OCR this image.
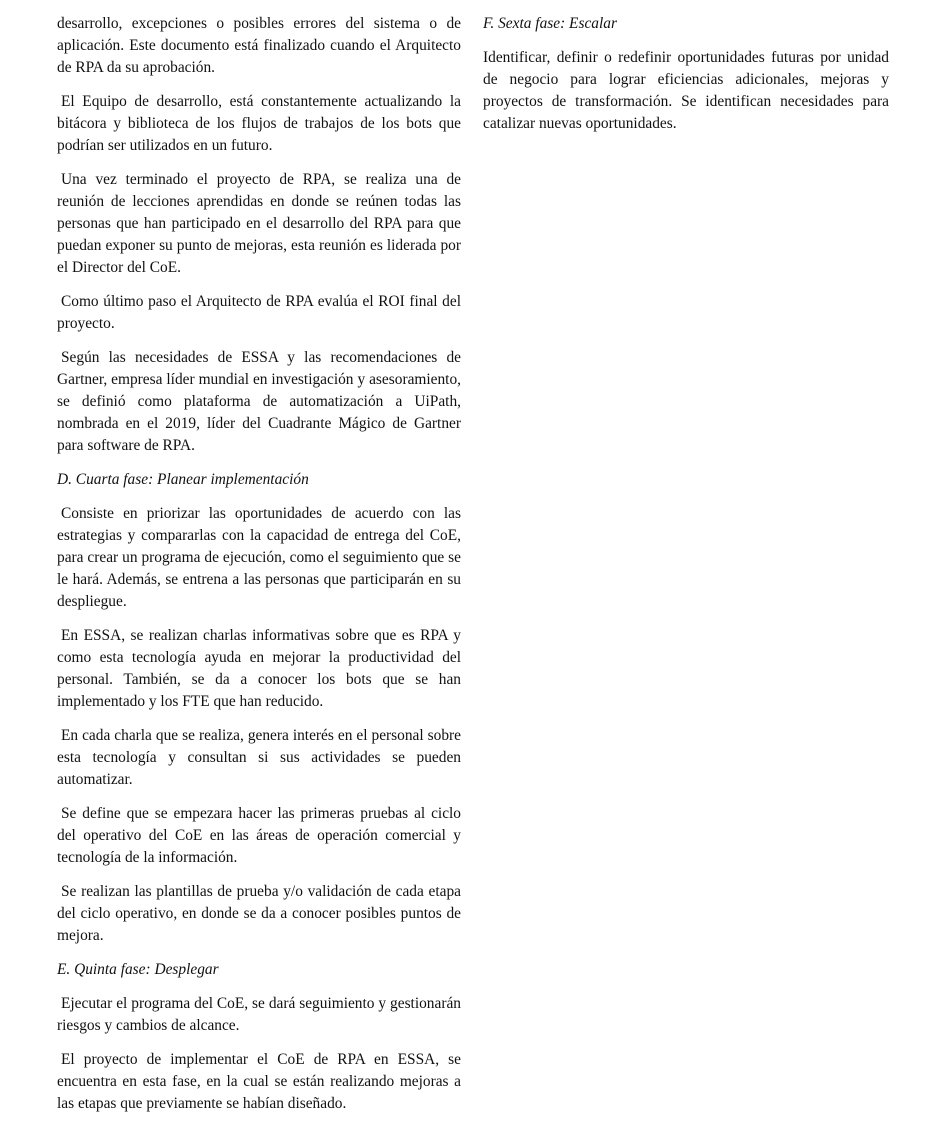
desarrollo, excepciones o posibles errores del sistema o de aplicación. Este documento está finalizado cuando el Arquitecto de RPA da su aprobación.

El Equipo de desarrollo, está constantemente actualizando la bitácora y biblioteca de los flujos de trabajos de los bots que podrían ser utilizados en un futuro.

Una vez terminado el proyecto de RPA, se realiza una de reunión de lecciones aprendidas en donde se reúnen todas las personas que han participado en el desarrollo del RPA para que puedan exponer su punto de mejoras, esta reunión es liderada por el Director del CoE.

Como último paso el Arquitecto de RPA evalúa el ROI final del proyecto.

Según las necesidades de ESSA y las recomendaciones de Gartner, empresa líder mundial en investigación y asesoramiento, se definió como plataforma de automatización a UiPath, nombrada en el 2019, líder del Cuadrante Mágico de Gartner para software de RPA.

D. Cuarta fase: Planear implementación

Consiste en priorizar las oportunidades de acuerdo con las estrategias y compararlas con la capacidad de entrega del CoE, para crear un programa de ejecución, como el seguimiento que se le hará. Además, se entrena a las personas que participarán en su despliegue.

En ESSA, se realizan charlas informativas sobre que es RPA y como esta tecnología ayuda en mejorar la productividad del personal. También, se da a conocer los bots que se han implementado y los FTE que han reducido.

En cada charla que se realiza, genera interés en el personal sobre esta tecnología y consultan si sus actividades se pueden automatizar.

Se define que se empezara hacer las primeras pruebas al ciclo del operativo del CoE en las áreas de operación comercial y tecnología de la información.

Se realizan las plantillas de prueba y/o validación de cada etapa del ciclo operativo, en donde se da a conocer posibles puntos de mejora.

E. Quinta fase: Desplegar

Ejecutar el programa del CoE, se dará seguimiento y gestionarán riesgos y cambios de alcance.

El proyecto de implementar el CoE de RPA en ESSA, se encuentra en esta fase, en la cual se están realizando mejoras a las etapas que previamente se habían diseñado.

F. Sexta fase: Escalar

Identificar, definir o redefinir oportunidades futuras por unidad de negocio para lograr eficiencias adicionales, mejoras y proyectos de transformación. Se identifican necesidades para catalizar nuevas oportunidades.
